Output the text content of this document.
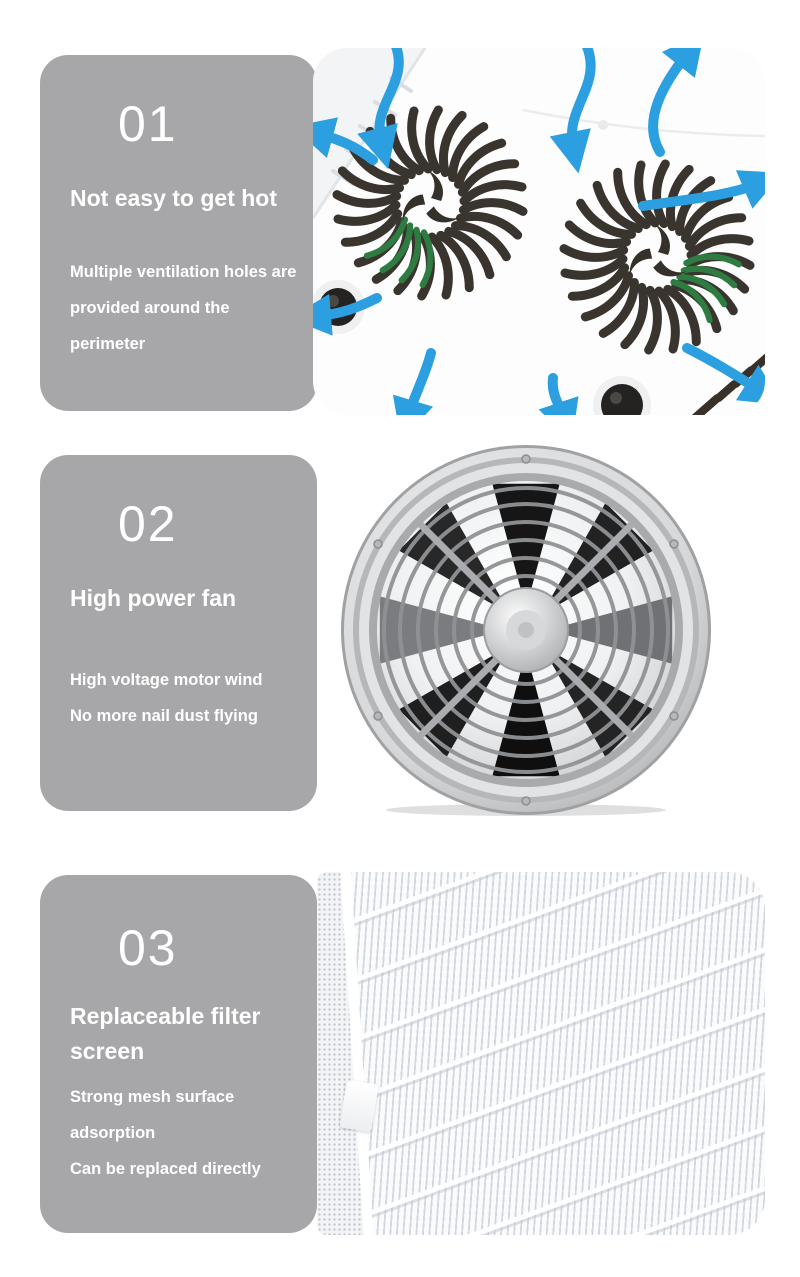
01
Not easy to get hot

Multiple ventilation holes are provided around the perimeter

02
High power fan

High voltage motor wind

No more nail dust flying

03
Replaceable filter screen

Strong mesh surface adsorption

Can be replaced directly
